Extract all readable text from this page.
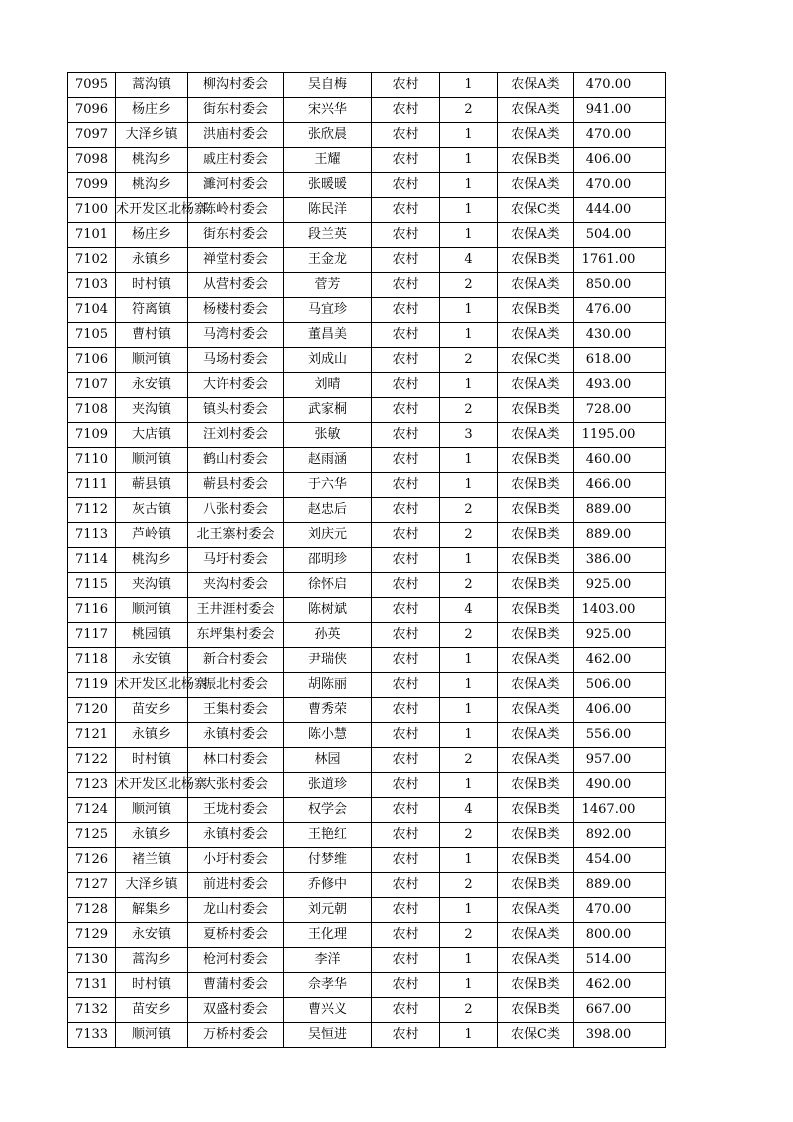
7095	蒿沟镇	柳沟村委会	吴自梅	农村	1	农保A类	470.00
7096	杨庄乡	街东村委会	宋兴华	农村	2	农保A类	941.00
7097	大泽乡镇	洪庙村委会	张欣晨	农村	1	农保A类	470.00
7098	桃沟乡	戚庄村委会	王耀	农村	1	农保B类	406.00
7099	桃沟乡	濉河村委会	张暖暖	农村	1	农保A类	470.00
7100	术开发区北杨寨	陈岭村委会	陈民洋	农村	1	农保C类	444.00
7101	杨庄乡	街东村委会	段兰英	农村	1	农保A类	504.00
7102	永镇乡	禅堂村委会	王金龙	农村	4	农保B类	1761.00
7103	时村镇	从营村委会	菅芳	农村	2	农保A类	850.00
7104	符离镇	杨楼村委会	马宜珍	农村	1	农保B类	476.00
7105	曹村镇	马湾村委会	董昌美	农村	1	农保A类	430.00
7106	顺河镇	马场村委会	刘成山	农村	2	农保C类	618.00
7107	永安镇	大许村委会	刘晴	农村	1	农保A类	493.00
7108	夹沟镇	镇头村委会	武家桐	农村	2	农保B类	728.00
7109	大店镇	汪刘村委会	张敏	农村	3	农保A类	1195.00
7110	顺河镇	鹤山村委会	赵雨涵	农村	1	农保B类	460.00
7111	蕲县镇	蕲县村委会	于六华	农村	1	农保B类	466.00
7112	灰古镇	八张村委会	赵忠后	农村	2	农保B类	889.00
7113	芦岭镇	北王寨村委会	刘庆元	农村	2	农保B类	889.00
7114	桃沟乡	马圩村委会	邵明珍	农村	1	农保B类	386.00
7115	夹沟镇	夹沟村委会	徐怀启	农村	2	农保B类	925.00
7116	顺河镇	王井涯村委会	陈树斌	农村	4	农保B类	1403.00
7117	桃园镇	东坪集村委会	孙英	农村	2	农保B类	925.00
7118	永安镇	新合村委会	尹瑞侠	农村	1	农保A类	462.00
7119	术开发区北杨寨	振北村委会	胡陈丽	农村	1	农保A类	506.00
7120	苗安乡	王集村委会	曹秀荣	农村	1	农保A类	406.00
7121	永镇乡	永镇村委会	陈小慧	农村	1	农保A类	556.00
7122	时村镇	林口村委会	林园	农村	2	农保A类	957.00
7123	术开发区北杨寨	大张村委会	张道珍	农村	1	农保B类	490.00
7124	顺河镇	王垅村委会	权学会	农村	4	农保B类	1467.00
7125	永镇乡	永镇村委会	王艳红	农村	2	农保B类	892.00
7126	褚兰镇	小圩村委会	付梦维	农村	1	农保B类	454.00
7127	大泽乡镇	前进村委会	乔修中	农村	2	农保B类	889.00
7128	解集乡	龙山村委会	刘元朝	农村	1	农保A类	470.00
7129	永安镇	夏桥村委会	王化理	农村	2	农保A类	800.00
7130	蒿沟乡	枪河村委会	李洋	农村	1	农保A类	514.00
7131	时村镇	曹蒲村委会	佘孝华	农村	1	农保B类	462.00
7132	苗安乡	双盛村委会	曹兴义	农村	2	农保B类	667.00
7133	顺河镇	万桥村委会	吴恒进	农村	1	农保C类	398.00
